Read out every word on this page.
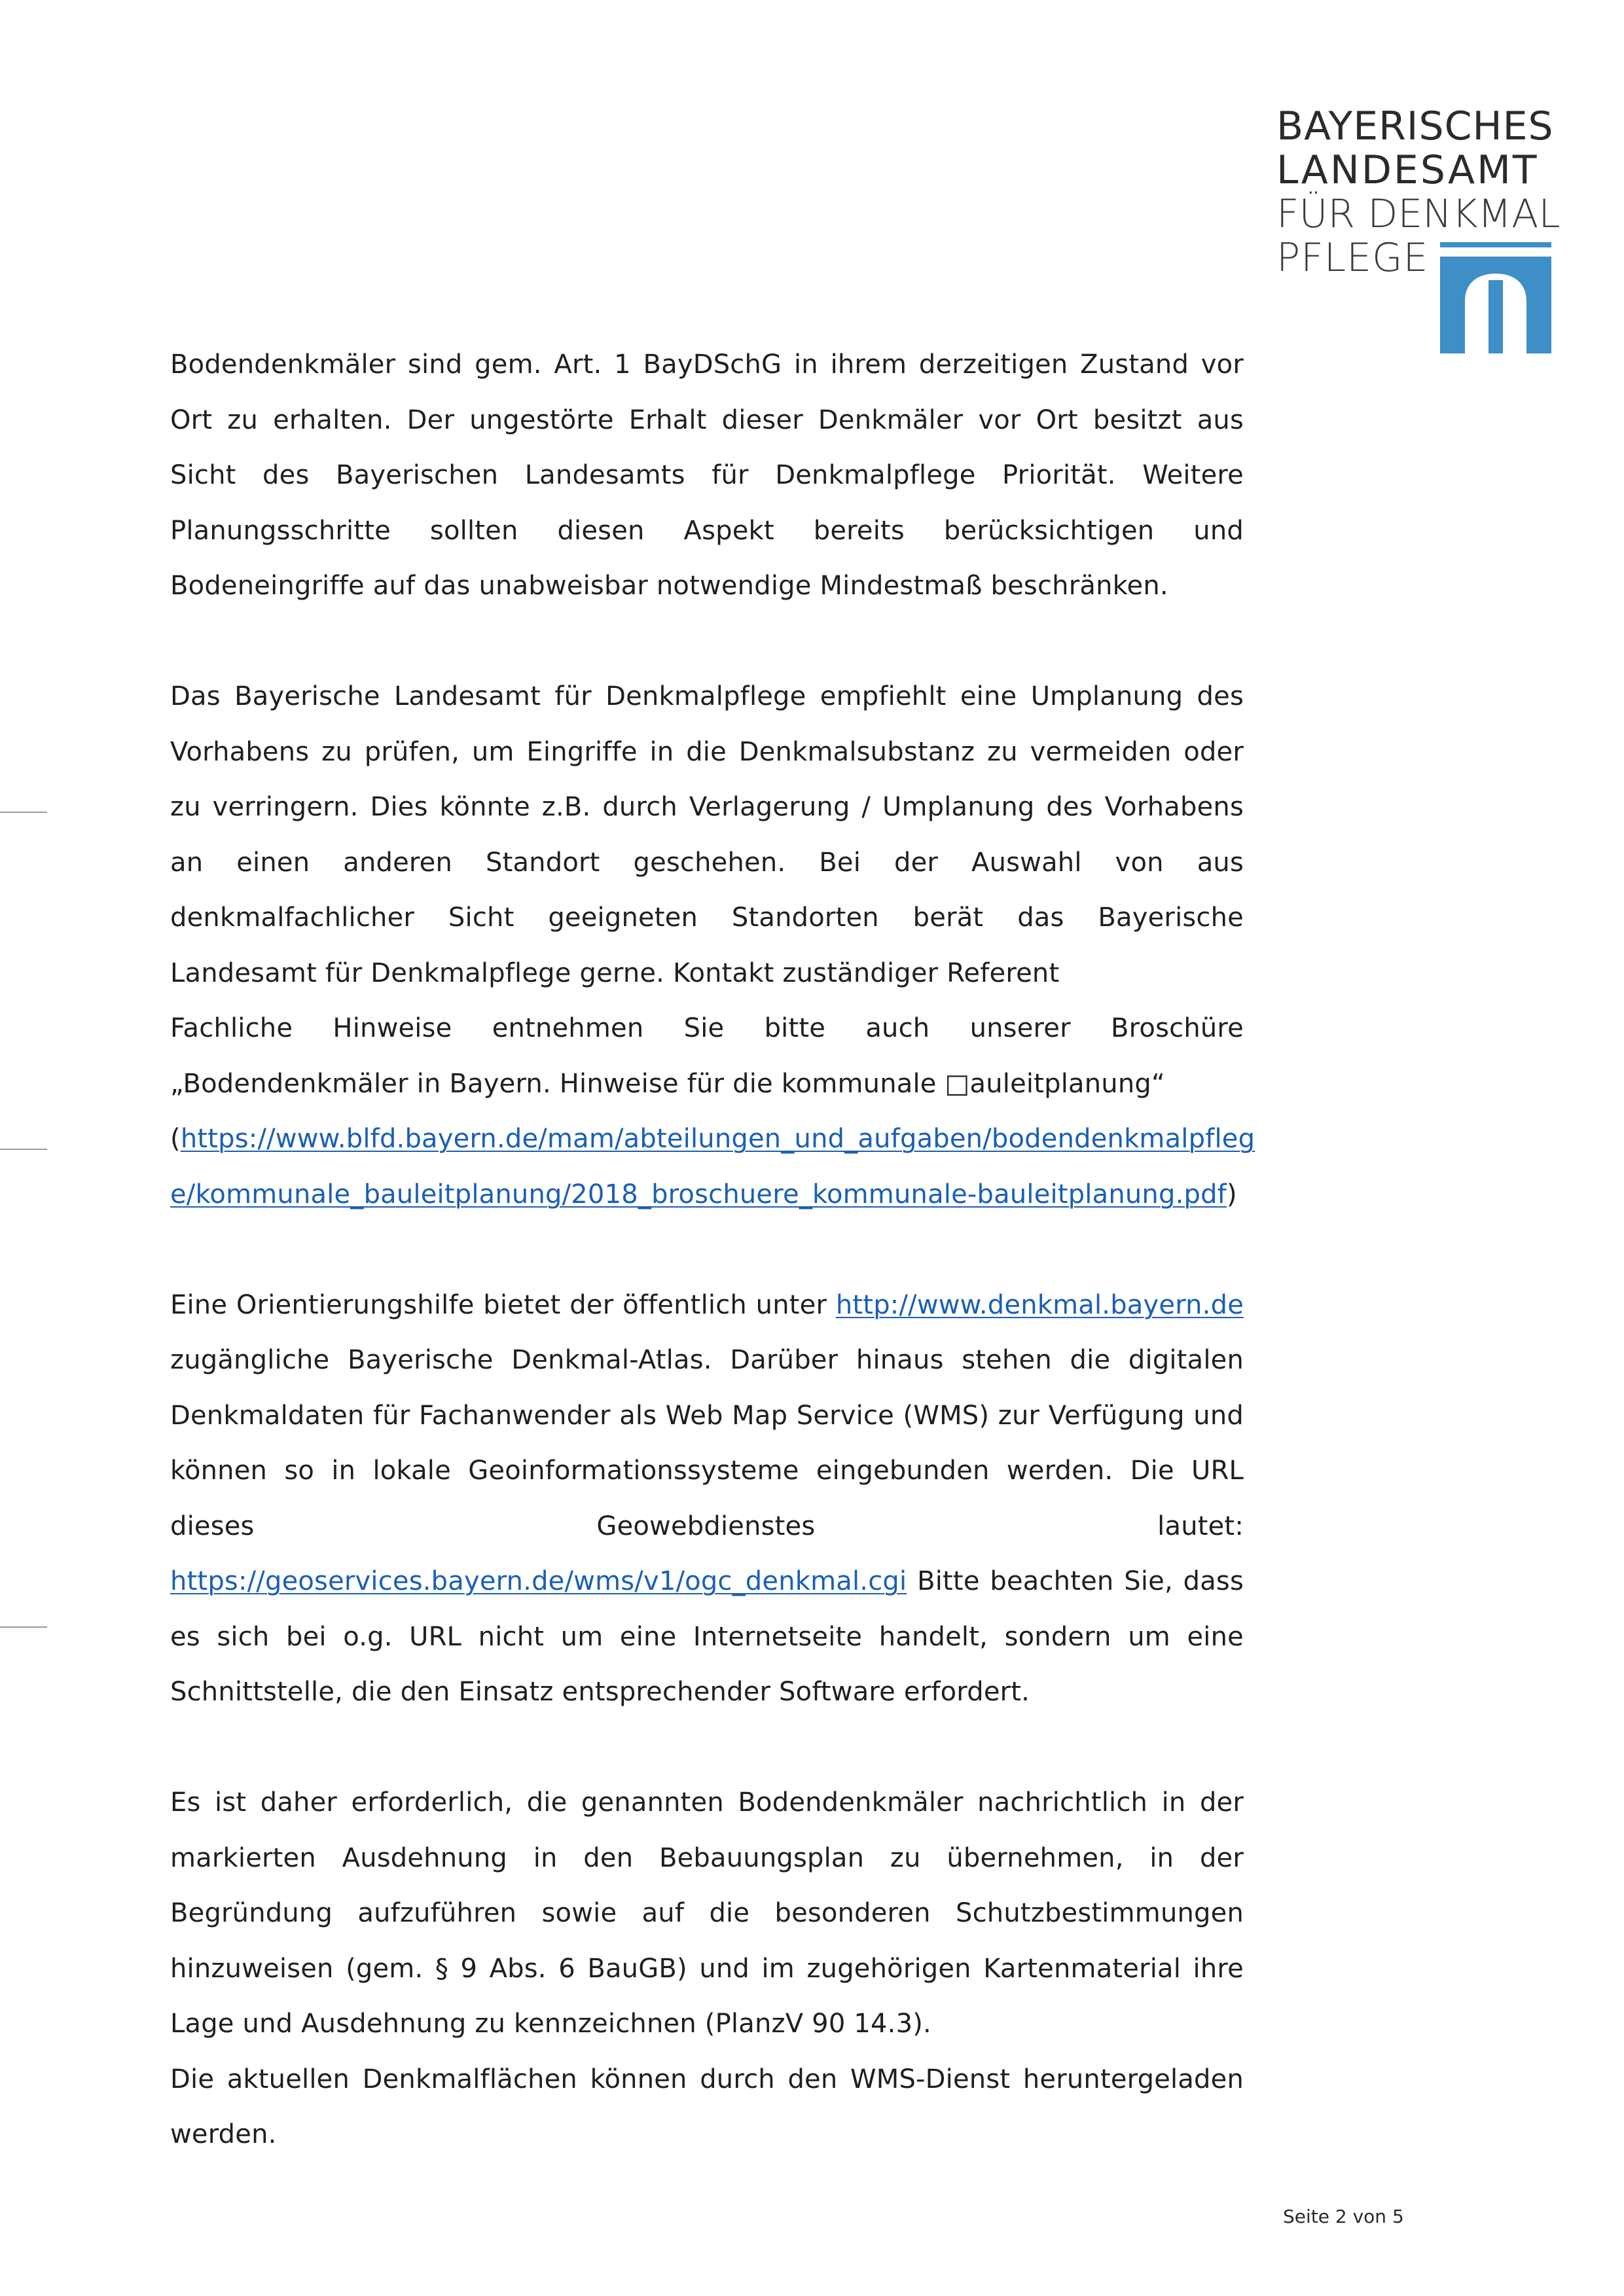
BAYERISCHES
LANDESAMT
FÜR DENKMAL
PFLEGE

Bodendenkmäler sind gem. Art. 1 BayDSchG in ihrem derzeitigen Zustand vor Ort zu erhalten. Der ungestörte Erhalt dieser Denkmäler vor Ort besitzt aus Sicht des Bayerischen Landesamts für Denkmalpflege Priorität. Weitere Planungsschritte sollten diesen Aspekt bereits berücksichtigen und Bodeneingriffe auf das unabweisbar notwendige Mindestmaß beschränken.

Das Bayerische Landesamt für Denkmalpflege empfiehlt eine Umplanung des Vorhabens zu prüfen, um Eingriffe in die Denkmalsubstanz zu vermeiden oder zu verringern. Dies könnte z.B. durch Verlagerung / Umplanung des Vorhabens an einen anderen Standort geschehen. Bei der Auswahl von aus denkmalfachlicher Sicht geeigneten Standorten berät das Bayerische Landesamt für Denkmalpflege gerne. Kontakt zuständiger Referent

Fachliche Hinweise entnehmen Sie bitte auch unserer Broschüre „Bodendenkmäler in Bayern. Hinweise für die kommunale □auleitplanung“
(https://www.blfd.bayern.de/mam/abteilungen_und_aufgaben/bodendenkmalpfleg
e/kommunale_bauleitplanung/2018_broschuere_kommunale-bauleitplanung.pdf)

Eine Orientierungshilfe bietet der öffentlich unter http://www.denkmal.bayern.de zugängliche Bayerische Denkmal-Atlas. Darüber hinaus stehen die digitalen Denkmaldaten für Fachanwender als Web Map Service (WMS) zur Verfügung und können so in lokale Geoinformationssysteme eingebunden werden. Die URL dieses Geowebdienstes lautet: https://geoservices.bayern.de/wms/v1/ogc_denkmal.cgi Bitte beachten Sie, dass es sich bei o.g. URL nicht um eine Internetseite handelt, sondern um eine Schnittstelle, die den Einsatz entsprechender Software erfordert.

Es ist daher erforderlich, die genannten Bodendenkmäler nachrichtlich in der markierten Ausdehnung in den Bebauungsplan zu übernehmen, in der Begründung aufzuführen sowie auf die besonderen Schutzbestimmungen hinzuweisen (gem. § 9 Abs. 6 BauGB) und im zugehörigen Kartenmaterial ihre Lage und Ausdehnung zu kennzeichnen (PlanzV 90 14.3).

Die aktuellen Denkmalflächen können durch den WMS-Dienst heruntergeladen werden.

Seite 2 von 5
